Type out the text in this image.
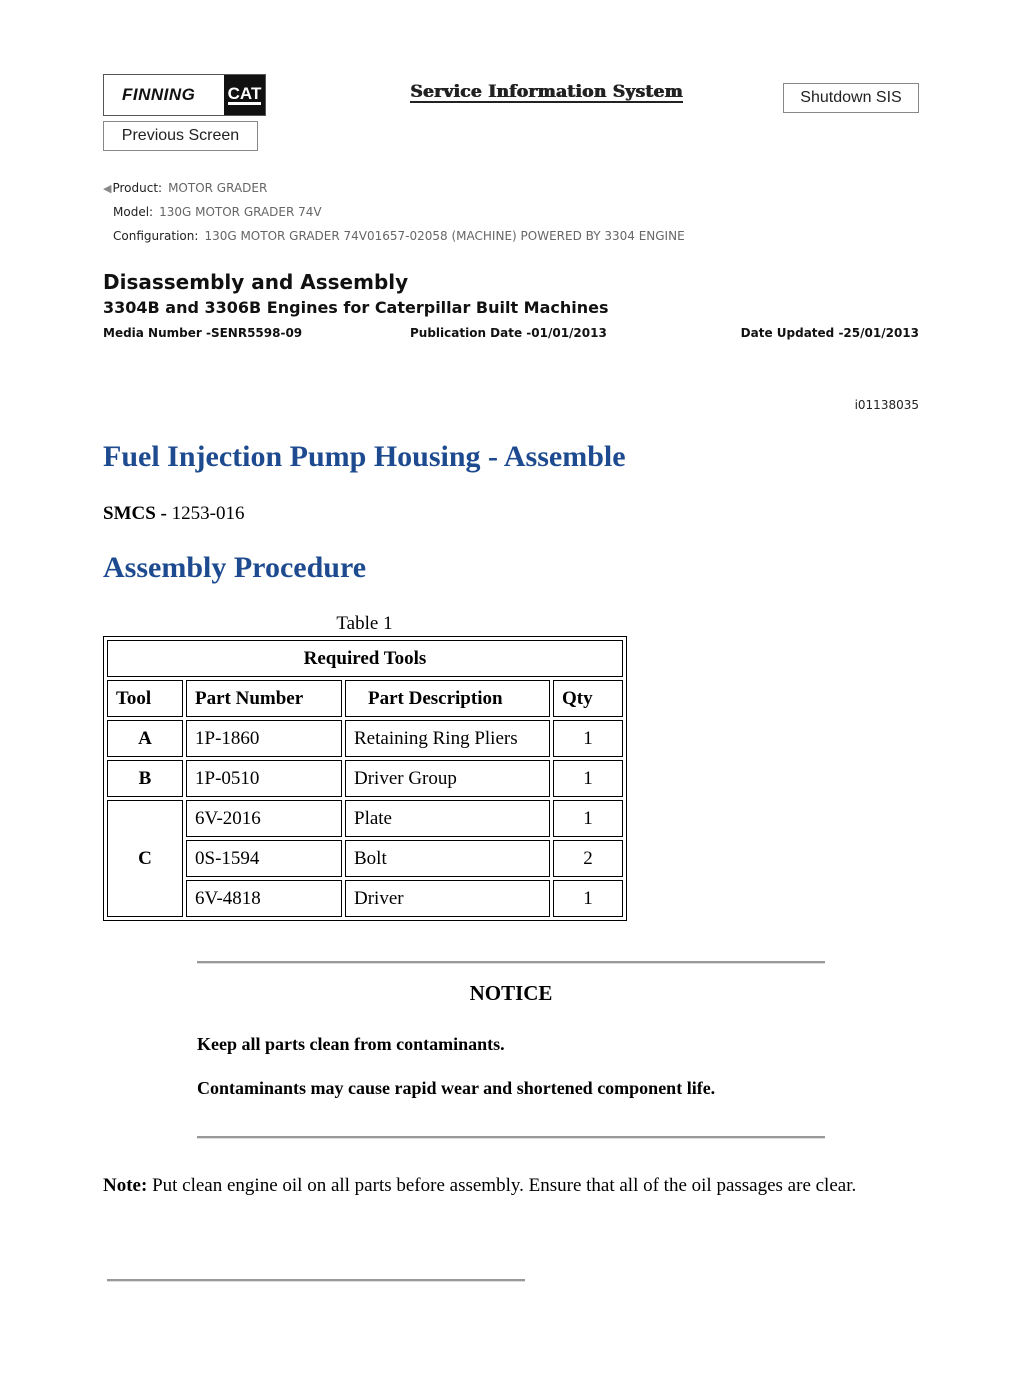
FINNING CAT	Service Information System	Shutdown SIS
Previous Screen
◀Product: MOTOR GRADER
Model: 130G MOTOR GRADER 74V
Configuration: 130G MOTOR GRADER 74V01657-02058 (MACHINE) POWERED BY 3304 ENGINE
Disassembly and Assembly
3304B and 3306B Engines for Caterpillar Built Machines
Media Number -SENR5598-09	Publication Date -01/01/2013	Date Updated -25/01/2013
i01138035
Fuel Injection Pump Housing - Assemble
SMCS - 1253-016
Assembly Procedure
Table 1
Required Tools			
Tool	Part Number	Part Description	Qty
A	1P-1860	Retaining Ring Pliers	1
B	1P-0510	Driver Group	1
C	6V-2016	Plate	1
	0S-1594	Bolt	2
	6V-4818	Driver	1
NOTICE
Keep all parts clean from contaminants.
Contaminants may cause rapid wear and shortened component life.
Note: Put clean engine oil on all parts before assembly. Ensure that all of the oil passages are clear.
